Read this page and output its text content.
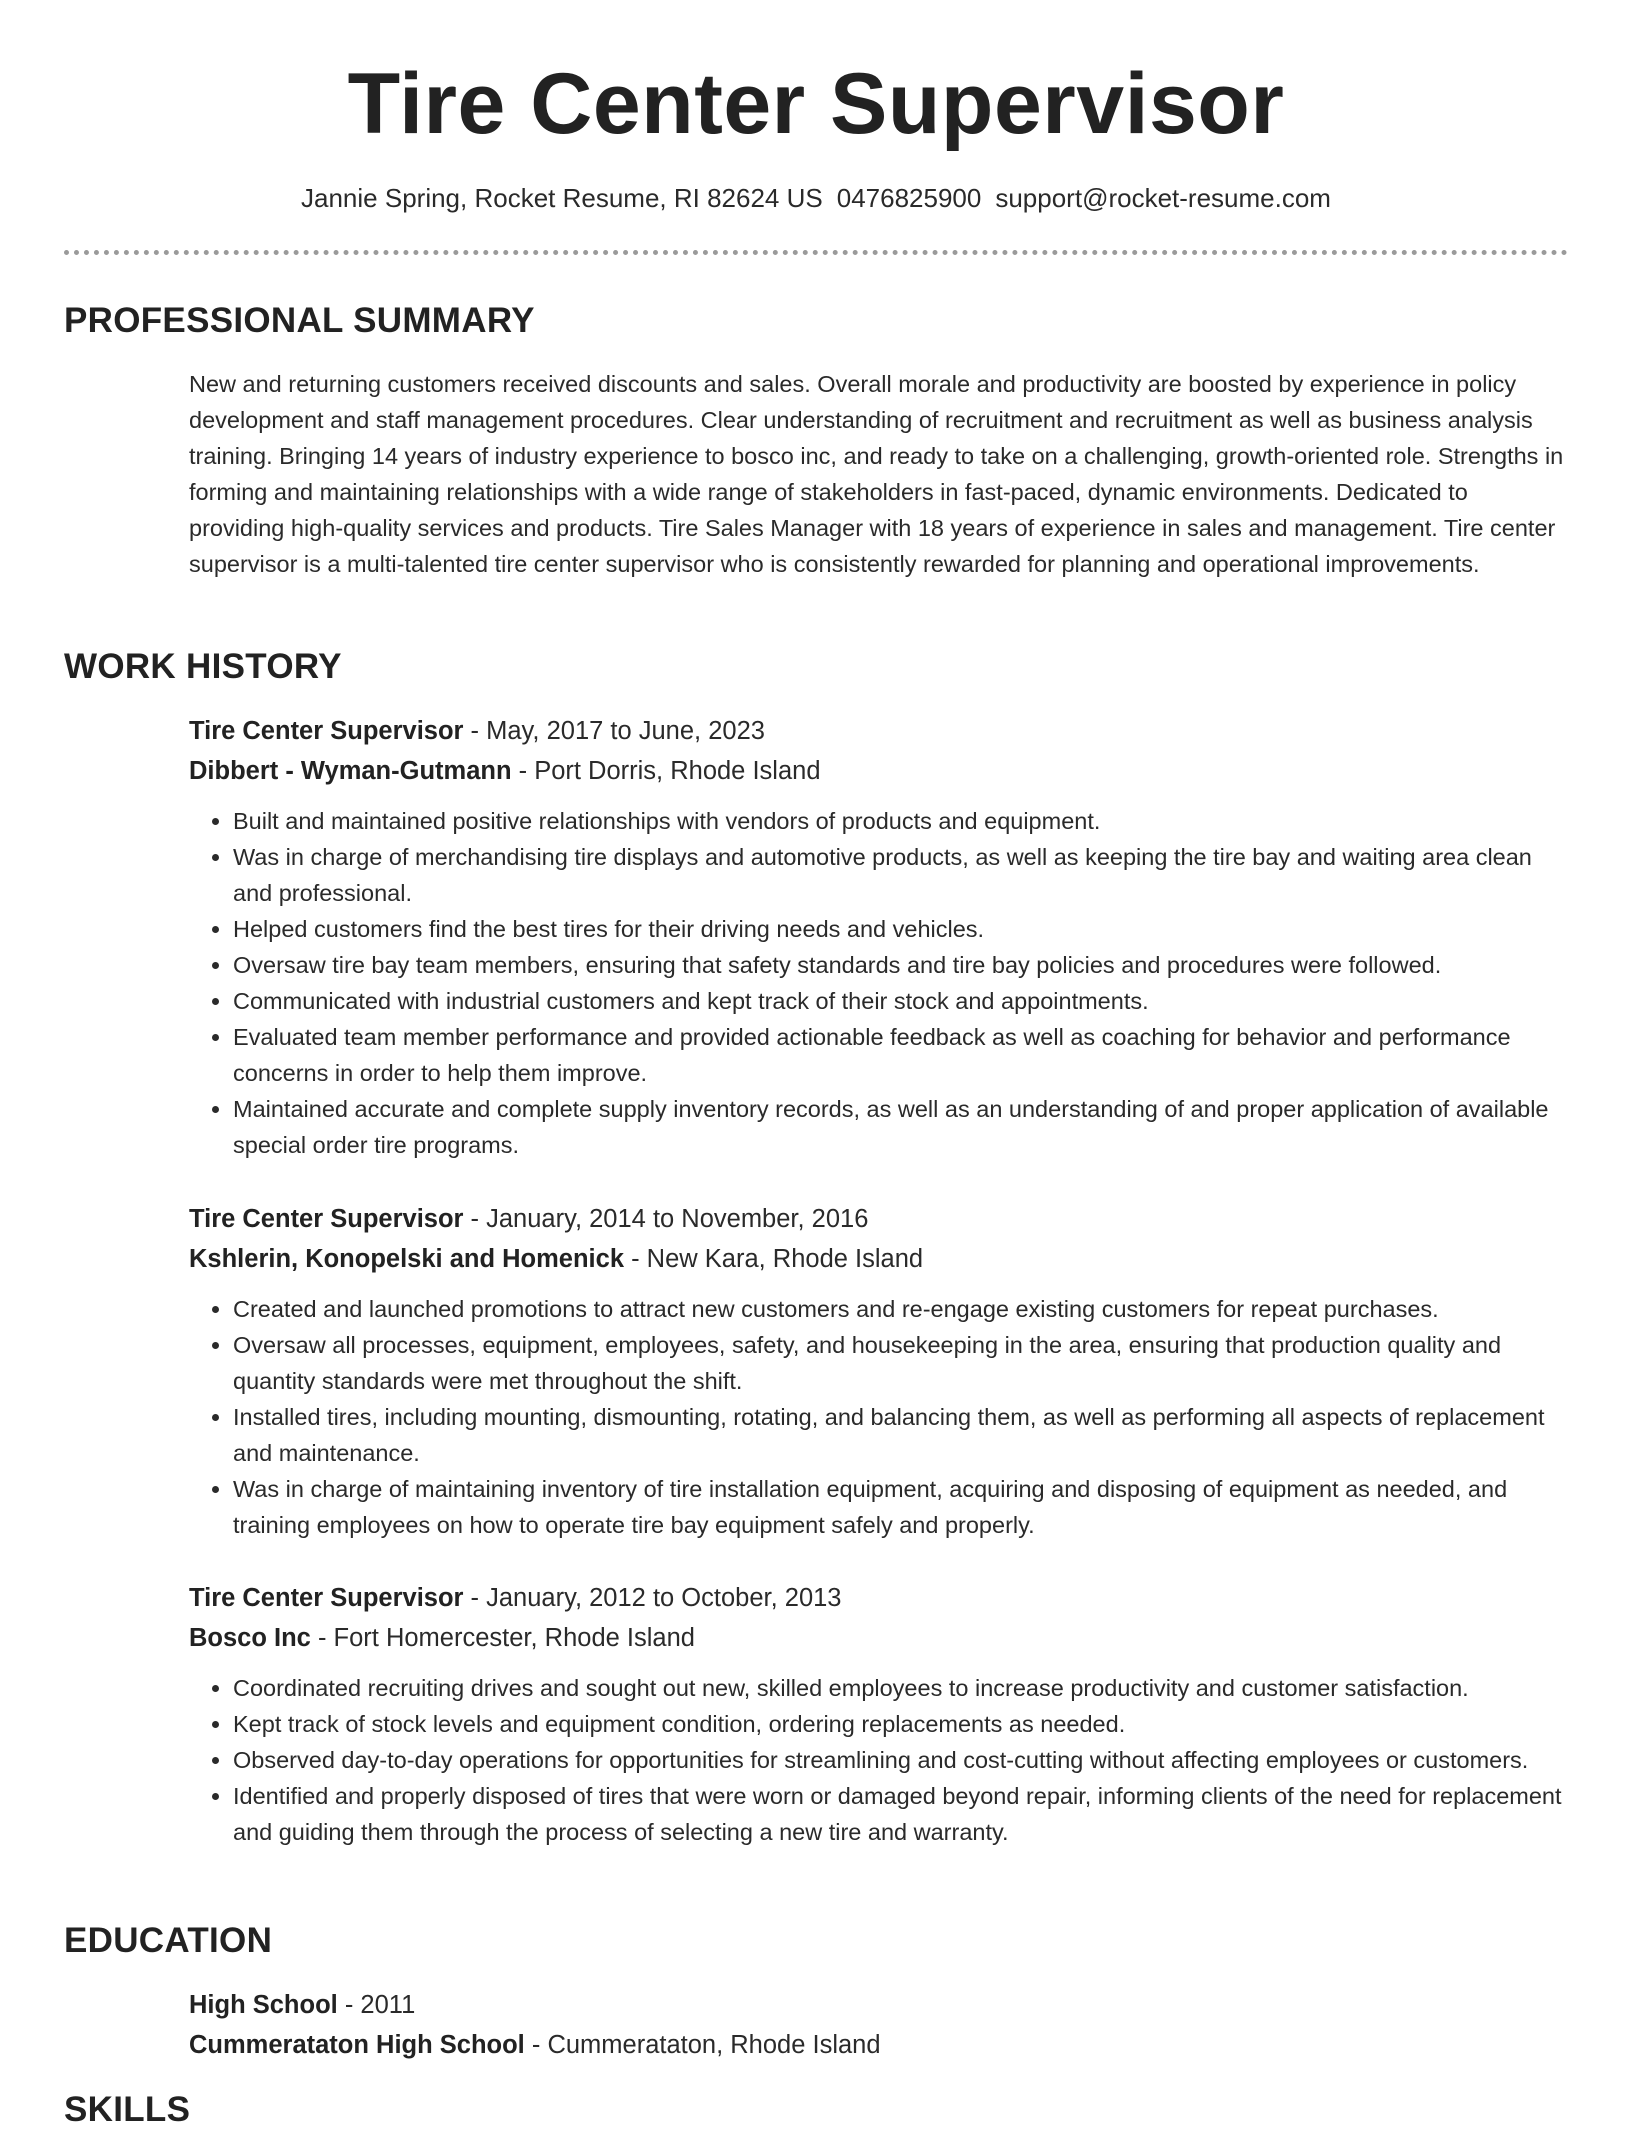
Tire Center Supervisor
Jannie Spring, Rocket Resume, RI 82624 US 0476825900 support@rocket-resume.com
PROFESSIONAL SUMMARY

New and returning customers received discounts and sales. Overall morale and productivity are boosted by experience in policy development and staff management procedures. Clear understanding of recruitment and recruitment as well as business analysis training. Bringing 14 years of industry experience to bosco inc, and ready to take on a challenging, growth-oriented role. Strengths in forming and maintaining relationships with a wide range of stakeholders in fast-paced, dynamic environments. Dedicated to providing high-quality services and products. Tire Sales Manager with 18 years of experience in sales and management. Tire center supervisor is a multi-talented tire center supervisor who is consistently rewarded for planning and operational improvements.

WORK HISTORY

Tire Center Supervisor - May, 2017 to June, 2023

Dibbert - Wyman-Gutmann - Port Dorris, Rhode Island

• Built and maintained positive relationships with vendors of products and equipment.
• Was in charge of merchandising tire displays and automotive products, as well as keeping the tire bay and waiting area clean and professional.
• Helped customers find the best tires for their driving needs and vehicles.
• Oversaw tire bay team members, ensuring that safety standards and tire bay policies and procedures were followed.
• Communicated with industrial customers and kept track of their stock and appointments.
• Evaluated team member performance and provided actionable feedback as well as coaching for behavior and performance concerns in order to help them improve.
• Maintained accurate and complete supply inventory records, as well as an understanding of and proper application of available special order tire programs.

Tire Center Supervisor - January, 2014 to November, 2016

Kshlerin, Konopelski and Homenick - New Kara, Rhode Island

• Created and launched promotions to attract new customers and re-engage existing customers for repeat purchases.
• Oversaw all processes, equipment, employees, safety, and housekeeping in the area, ensuring that production quality and quantity standards were met throughout the shift.
• Installed tires, including mounting, dismounting, rotating, and balancing them, as well as performing all aspects of replacement and maintenance.
• Was in charge of maintaining inventory of tire installation equipment, acquiring and disposing of equipment as needed, and training employees on how to operate tire bay equipment safely and properly.

Tire Center Supervisor - January, 2012 to October, 2013

Bosco Inc - Fort Homercester, Rhode Island

• Coordinated recruiting drives and sought out new, skilled employees to increase productivity and customer satisfaction.
• Kept track of stock levels and equipment condition, ordering replacements as needed.
• Observed day-to-day operations for opportunities for streamlining and cost-cutting without affecting employees or customers.
• Identified and properly disposed of tires that were worn or damaged beyond repair, informing clients of the need for replacement and guiding them through the process of selecting a new tire and warranty.
EDUCATION

High School - 2011

Cummerataton High School - Cummerataton, Rhode Island

SKILLS
